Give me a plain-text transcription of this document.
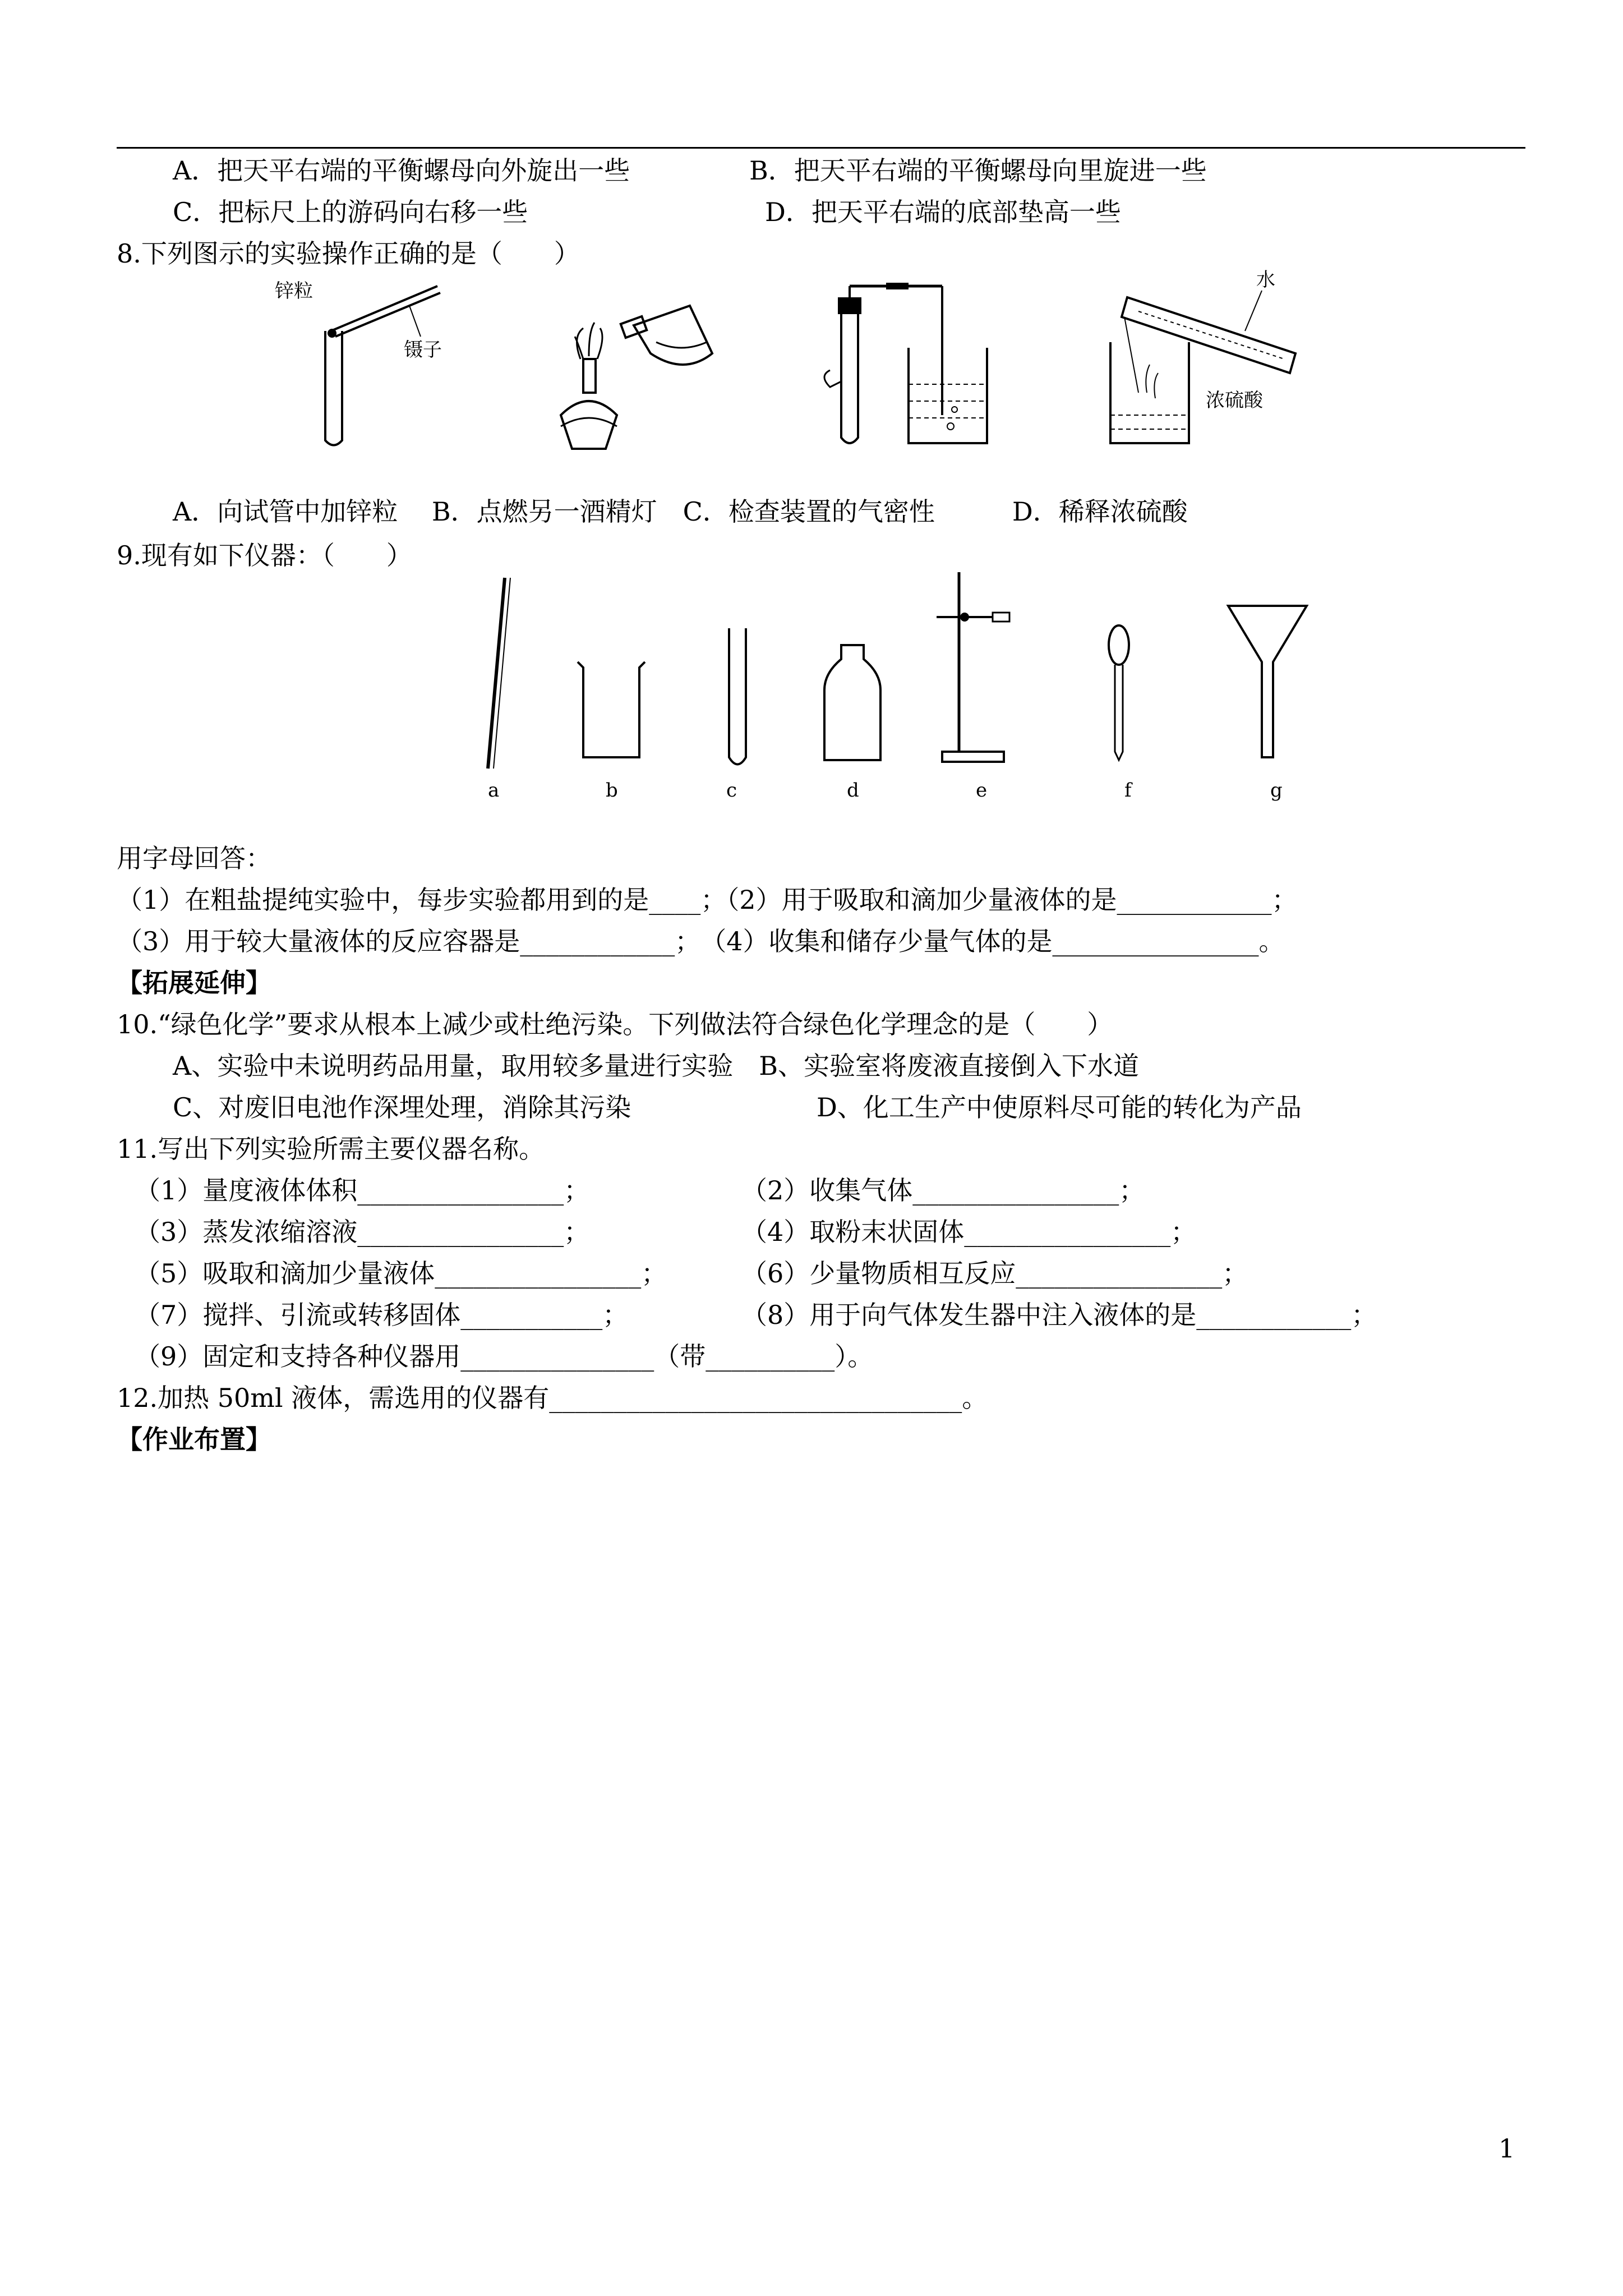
A．把天平右端的平衡螺母向外旋出一些	B．把天平右端的平衡螺母向里旋进一些
C．把标尺上的游码向右移一些	D．把天平右端的底部垫高一些
8.下列图示的实验操作正确的是（　　）
锌粒
镊子
水
浓硫酸
A．向试管中加锌粒　 B．点燃另一酒精灯　C．检查装置的气密性　　　D．稀释浓硫酸
9.现有如下仪器：（　　）
a	b	c	d	e	f	g
用字母回答：
（1）在粗盐提纯实验中，每步实验都用到的是____；（2）用于吸取和滴加少量液体的是____________；
（3）用于较大量液体的反应容器是____________；　（4）收集和储存少量气体的是________________。
【拓展延伸】
10.“绿色化学”要求从根本上减少或杜绝污染。下列做法符合绿色化学理念的是（　　）
A、实验中未说明药品用量，取用较多量进行实验　B、实验室将废液直接倒入下水道
C、对废旧电池作深埋处理，消除其污染	D、化工生产中使原料尽可能的转化为产品
11.写出下列实验所需主要仪器名称。
（1）量度液体体积________________；	（2）收集气体________________；
（3）蒸发浓缩溶液________________；	（4）取粉末状固体________________；
（5）吸取和滴加少量液体________________；	（6）少量物质相互反应________________；
（7）搅拌、引流或转移固体___________；	（8）用于向气体发生器中注入液体的是____________；
（9）固定和支持各种仪器用_______________（带__________）。
12.加热 50ml 液体，需选用的仪器有________________________________。
【作业布置】
1
